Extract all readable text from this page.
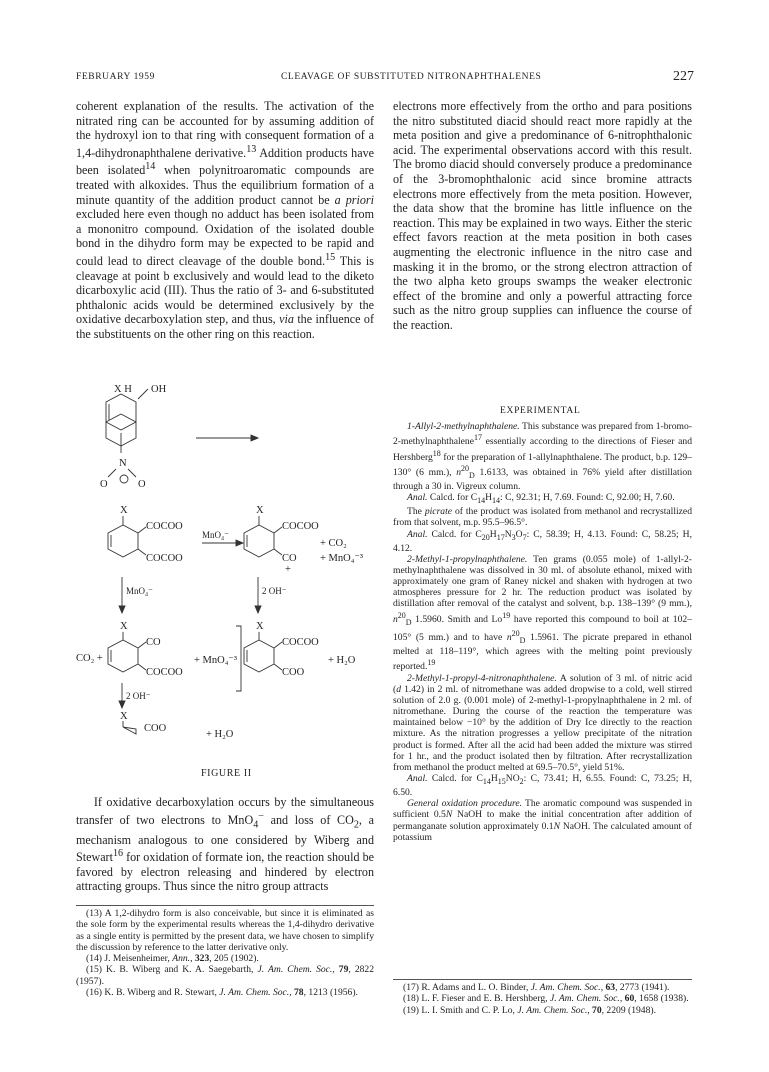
FEBRUARY 1959	CLEAVAGE OF SUBSTITUTED NITRONAPHTHALENES	227
coherent explanation of the results. The activation of the nitrated ring can be accounted for by assuming addition of the hydroxyl ion to that ring with consequent formation of a 1,4-dihydronaphthalene derivative.$^{13}$ Addition products have been isolated$^{14}$ when polynitroaromatic compounds are treated with alkoxides. Thus the equilibrium formation of a minute quantity of the addition product cannot be a priori excluded here even though no adduct has been isolated from a mononitro compound. Oxidation of the isolated double bond in the dihydro form may be expected to be rapid and could lead to direct cleavage of the double bond.$^{15}$ This is cleavage at point b exclusively and would lead to the diketo dicarboxylic acid (III). Thus the ratio of 3- and 6-substituted phthalonic acids would be determined exclusively by the oxidative decarboxylation step, and thus, via the influence of the substituents on the other ring on this reaction.
X H OH
N
O	O
X
COCOO
COCOO
MnO₄⁻
X
COCOO
CO
+
+ CO₂
+ MnO₄⁻³
MnO₄⁻	2 OH⁻
CO₂ +
X
CO
COCOO
+ MnO₄⁻³
X
COCOO
COO
+ H₂O
2 OH⁻
X
COO
+ H₂O
FIGURE II
If oxidative decarboxylation occurs by the simultaneous transfer of two electrons to MnO$_4$− and loss of $CO_2$, a mechanism analogous to one considered by Wiberg and Stewart$^{16}$ for oxidation of formate ion, the reaction should be favored by electron releasing and hindered by electron attracting groups. Thus since the nitro group attracts

(13) A 1,2-dihydro form is also conceivable, but since it is eliminated as the sole form by the experimental results whereas the 1,4-dihydro derivative as a single entity is permitted by the present data, we have chosen to simplify the discussion by reference to the latter derivative only.

(14) J. Meisenheimer, Ann., 323, 205 (1902).

(15) K. B. Wiberg and K. A. Saegebarth, J. Am. Chem. Soc., 79, 2822 (1957).

(16) K. B. Wiberg and R. Stewart, J. Am. Chem. Soc., 78, 1213 (1956).

electrons more effectively from the ortho and para positions the nitro substituted diacid should react more rapidly at the meta position and give a predominance of 6-nitrophthalonic acid. The experimental observations accord with this result. The bromo diacid should conversely produce a predominance of the 3-bromophthalonic acid since bromine attracts electrons more effectively from the meta position. However, the data show that the bromine has little influence on the reaction. This may be explained in two ways. Either the steric effect favors reaction at the meta position in both cases augmenting the electronic influence in the nitro case and masking it in the bromo, or the strong electron attraction of the two alpha keto groups swamps the weaker electronic effect of the bromine and only a powerful attracting force such as the nitro group supplies can influence the course of the reaction.
EXPERIMENTAL

1-Allyl-2-methylnaphthalene. This substance was prepared from 1-bromo-2-methylnaphthalene$^{17}$ essentially according to the directions of Fieser and Hershberg$^{18}$ for the preparation of 1-allylnaphthalene. The product, b.p. 129–130° (6 mm.), $n^{20}_D$ 1.6133, was obtained in 76% yield after distillation through a 30 in. Vigreux column.

Anal. Calcd. for $C_{14}H_{14}$: C, 92.31; H, 7.69. Found: C, 92.00; H, 7.60.

The picrate of the product was isolated from methanol and recrystallized from that solvent, m.p. 95.5–96.5°.

Anal. Calcd. for $C_{20}H_{17}N_3O_7$: C, 58.39; H, 4.13. Found: C, 58.25; H, 4.12.

2-Methyl-1-propylnaphthalene. Ten grams (0.055 mole) of 1-allyl-2-methylnaphthalene was dissolved in 30 ml. of absolute ethanol, mixed with approximately one gram of Raney nickel and shaken with hydrogen at two atmospheres pressure for 2 hr. The reduction product was isolated by distillation after removal of the catalyst and solvent, b.p. 138–139° (9 mm.), $n^{20}_D$ 1.5960. Smith and Lo$^{19}$ have reported this compound to boil at 102–105° (5 mm.) and to have $n^{20}_D$ 1.5961. The picrate prepared in ethanol melted at 118–119°, which agrees with the melting point previously reported.$^{19}$

2-Methyl-1-propyl-4-nitronaphthalene. A solution of 3 ml. of nitric acid (d 1.42) in 2 ml. of nitromethane was added dropwise to a cold, well stirred solution of 2.0 g. (0.001 mole) of 2-methyl-1-propylnaphthalene in 2 ml. of nitromethane. During the course of the reaction the temperature was maintained below −10° by the addition of Dry Ice directly to the reaction mixture. As the nitration progresses a yellow precipitate of the nitration product is formed. After all the acid had been added the mixture was stirred for 1 hr., and the product isolated then by filtration. After recrystallization from methanol the product melted at 69.5–70.5°, yield 51%.

Anal. Calcd. for $C_{14}H_{15}NO_2$: C, 73.41; H, 6.55. Found: C, 73.25; H, 6.50.

General oxidation procedure. The aromatic compound was suspended in sufficient 0.5N NaOH to make the initial concentration after addition of permanganate solution approximately 0.1N NaOH. The calculated amount of potassium

(17) R. Adams and L. O. Binder, J. Am. Chem. Soc., 63, 2773 (1941).

(18) L. F. Fieser and E. B. Hershberg, J. Am. Chem. Soc., 60, 1658 (1938).

(19) L. I. Smith and C. P. Lo, J. Am. Chem. Soc., 70, 2209 (1948).
